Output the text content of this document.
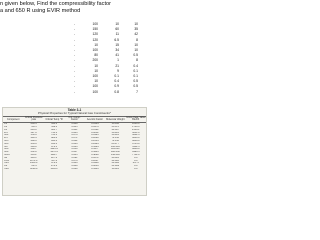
n given below, Find the compressibility factor
a and 650 R using EVIR method
-	100	10	10
-	150	60	35
-	120	11	42
-	120	6.5	8
-	10	15	10
-	100	34	10
-	80	41	0.5
-	200	1	8
-	10	21	0.4
-	10	9	0.1
-	100	0.1	0.1
-	10	0.4	0.5
-	100	0.9	0.5
-	100	0.8	7
Table 3-1
Physical Properties for Typical Natural Gas Constituents*
Component	Critical Pressure psia	Critical Temp °R	Crit. Comp. Factor	Acentric Factor	Molecular Weight	Gross Heat. Value Btu/ft3
C1	666.4	343.0	0.288	0.0104	16.043	1010.0
C2	706.5	549.6	0.285	0.0979	30.070	1769.6
C3	616.0	665.7	0.281	0.1522	44.097	2516.1
iC4	527.9	734.1	0.283	0.1852	58.123	3251.9
nC4	550.6	765.3	0.274	0.1995	58.123	3262.3
iC5	490.4	828.8	0.271	0.2280	72.150	4000.9
nC5	488.6	845.4	0.262	0.2514	72.150	4008.9
nC6	436.9	913.4	0.264	0.2994	86.177	4755.9
nC7	396.8	972.5	0.263	0.3494	100.204	5502.5
nC8	360.7	1023.9	0.259	0.3977	114.231	6248.9
nC9	331.8	1070.4	0.247	0.4445	128.258	6996.5
nC10	305.2	1111.7	0.245	0.4898	142.285	7742.9
N2	493.1	227.2	0.291	0.0372	28.013	0.0
CO2	1071.0	547.6	0.274	0.2667	44.010	0.0
H2S	1300.0	672.4	0.284	0.0948	34.082	637.1
O2	731.4	278.2	0.288	0.0216	31.999	0.0
H2O	3198.8	1165.1	0.229	0.3443	18.015	0.0
